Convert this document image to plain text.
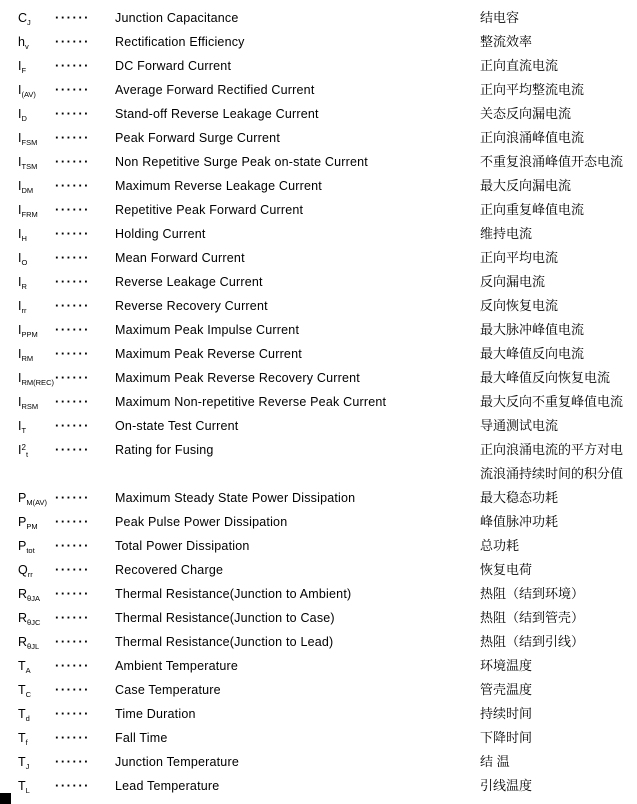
$C_J$ ······ Junction Capacitance	结电容
$h_v$ ······ Rectification Efficiency	整流效率
$I_F$ ······ DC Forward Current	正向直流电流
$I_{(AV)}$ ······ Average Forward Rectified Current	正向平均整流电流
$I_D$ ······ Stand-off Reverse Leakage Current	关态反向漏电流
$I_{FSM}$ ······ Peak Forward Surge Current	正向浪涌峰值电流
$I_{TSM}$ ······ Non Repetitive Surge Peak on-state Current	不重复浪涌峰值开态电流
$I_{DM}$ ······ Maximum Reverse Leakage Current	最大反向漏电流
$I_{FRM}$ ······ Repetitive Peak Forward Current	正向重复峰值电流
$I_H$ ······ Holding Current	维持电流
$I_O$ ······ Mean Forward Current	正向平均电流
$I_R$ ······ Reverse Leakage Current	反向漏电流
$I_{rr}$ ······ Reverse Recovery Current	反向恢复电流
$I_{PPM}$ ······ Maximum Peak Impulse Current	最大脉冲峰值电流
$I_{RM}$ ······ Maximum Peak Reverse Current	最大峰值反向电流
$I_{RM(REC)}$ ······ Maximum Peak Reverse Recovery Current	最大峰值反向恢复电流
$I_{RSM}$ ······ Maximum Non-repetitive Reverse Peak Current	最大反向不重复峰值电流
$I_T$ ······ On-state Test Current	导通测试电流
$I^2_t$ ······ Rating for Fusing	正向浪涌电流的平方对电
流浪涌持续时间的积分值
$P_{M(AV)}$ ······ Maximum Steady State Power Dissipation	最大稳态功耗
$P_{PM}$ ······ Peak Pulse Power Dissipation	峰值脉冲功耗
$P_{tot}$ ······ Total Power Dissipation	总功耗
$Q_{rr}$ ······ Recovered Charge	恢复电荷
$R_{\theta JA}$ ······ Thermal Resistance(Junction to Ambient)	热阻（结到环境）
$R_{\theta JC}$ ······ Thermal Resistance(Junction to Case)	热阻（结到管壳）
$R_{\theta JL}$ ······ Thermal Resistance(Junction to Lead)	热阻（结到引线）
$T_A$ ······ Ambient Temperature	环境温度
$T_C$ ······ Case Temperature	管壳温度
$T_d$ ······ Time Duration	持续时间
$T_f$ ······ Fall Time	下降时间
$T_J$ ······ Junction Temperature	结 温
$T_L$ ······ Lead Temperature	引线温度
